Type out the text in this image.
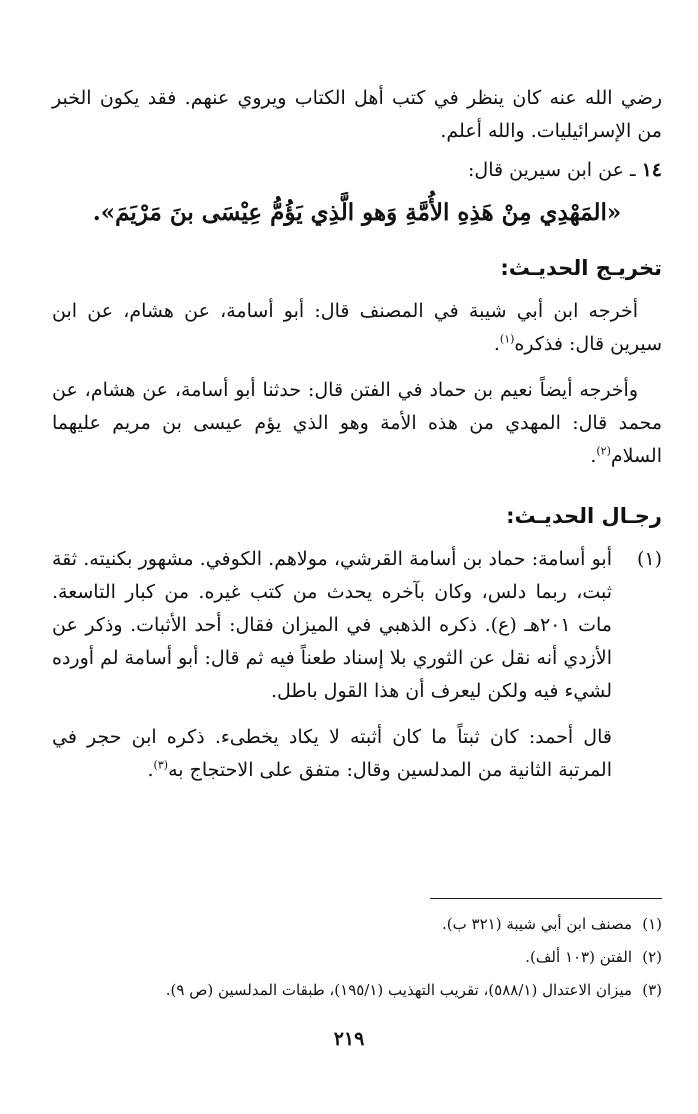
رضي الله عنه كان ينظر في كتب أهل الكتاب ويروي عنهم. فقد يكون الخبر من الإسرائيليات. والله أعلم.

١٤ ـ عن ابن سيرين قال:

«المَهْدِي مِنْ هَذِهِ الأُمَّةِ وَهو الَّذِي يَؤُمُّ عِيْسَى بنَ مَرْيَمَ».

تخريـج الحديـث:

أخرجه ابن أبي شيبة في المصنف قال: أبو أسامة، عن هشام، عن ابن سيرين قال: فذكره$^{(١)}$.

وأخرجه أيضاً نعيم بن حماد في الفتن قال: حدثنا أبو أسامة، عن هشام، عن محمد قال: المهدي من هذه الأمة وهو الذي يؤم عيسى بن مريم عليهما السلام$^{(٢)}$.

رجـال الحديـث:

(١)

أبو أسامة: حماد بن أسامة القرشي، مولاهم. الكوفي. مشهور بكنيته. ثقة ثبت، ربما دلس، وكان بآخره يحدث من كتب غيره. من كبار التاسعة. مات ٢٠١هـ (ع). ذكره الذهبي في الميزان فقال: أحد الأثبات. وذكر عن الأزدي أنه نقل عن الثوري بلا إسناد طعناً فيه ثم قال: أبو أسامة لم أورده لشيء فيه ولكن ليعرف أن هذا القول باطل.

قال أحمد: كان ثبتاً ما كان أثبته لا يكاد يخطىء. ذكره ابن حجر في المرتبة الثانية من المدلسين وقال: متفق على الاحتجاج به$^{(٣)}$.

(١)مصنف ابن أبي شيبة (٣٢١ ب).

(٢)الفتن (١٠٣ ألف).

(٣)ميزان الاعتدال (٥٨٨/١)، تقريب التهذيب (١٩٥/١)، طبقات المدلسين (ص ٩).

٢١٩
